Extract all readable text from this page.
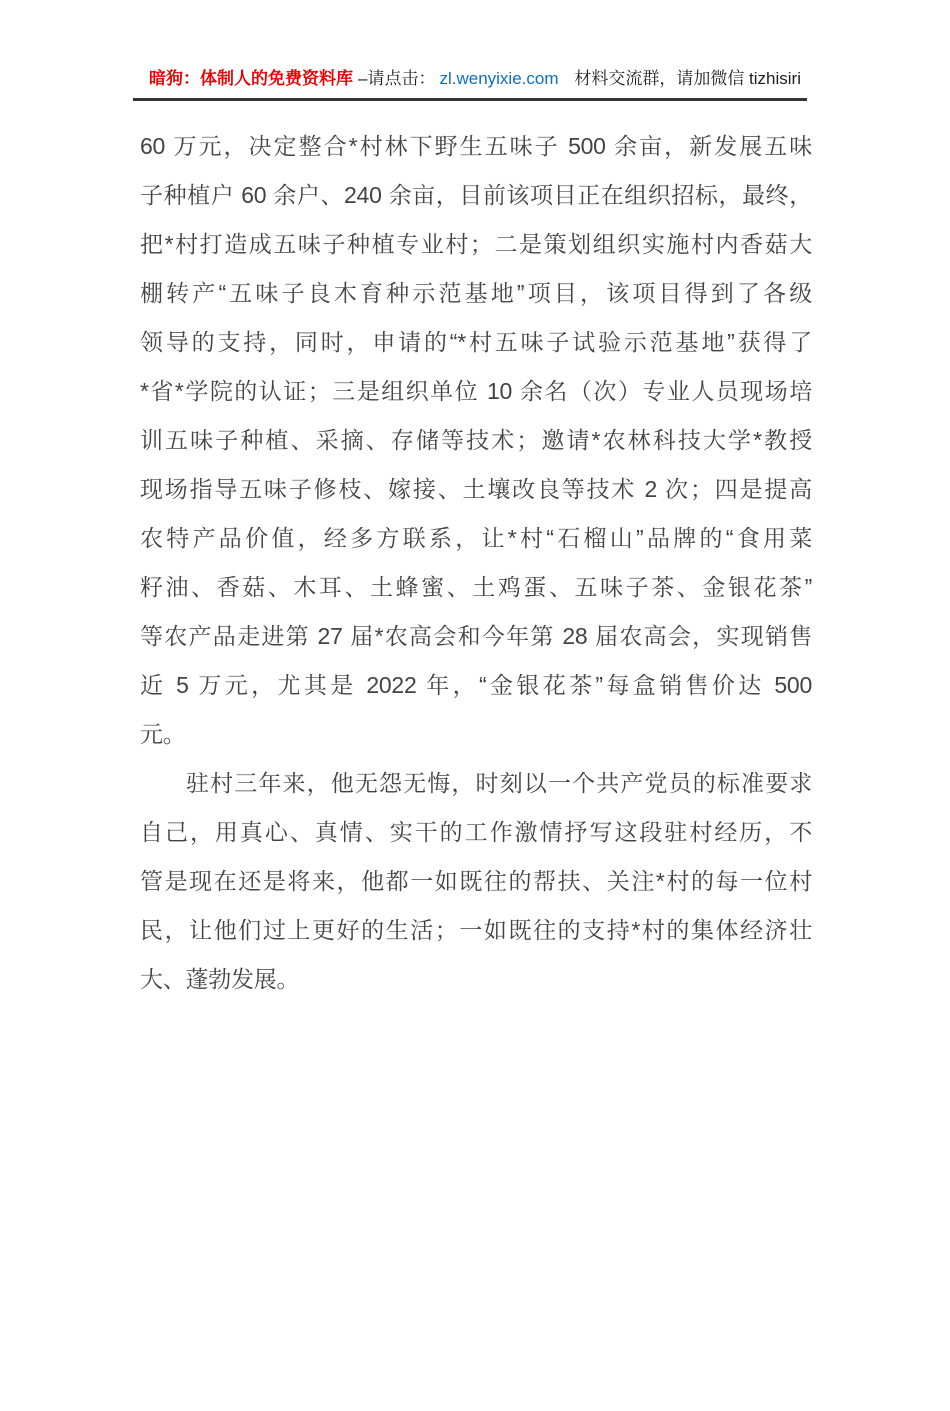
暗狗：体制人的免费资料库 –请点击： zl.wenyixie.com 材料交流群，请加微信 tizhisiri
60 万元，决定整合*村林下野生五味子 500 余亩，新发展五味
子种植户 60 余户、240 余亩，目前该项目正在组织招标，最终，
把*村打造成五味子种植专业村；二是策划组织实施村内香菇大
棚转产“五味子良木育种示范基地”项目，该项目得到了各级
领导的支持，同时，申请的“*村五味子试验示范基地”获得了
*省*学院的认证；三是组织单位 10 余名（次）专业人员现场培
训五味子种植、采摘、存储等技术；邀请*农林科技大学*教授
现场指导五味子修枝、嫁接、土壤改良等技术 2 次；四是提高
农特产品价值，经多方联系，让*村“石榴山”品牌的“食用菜
籽油、香菇、木耳、土蜂蜜、土鸡蛋、五味子茶、金银花茶”
等农产品走进第 27 届*农高会和今年第 28 届农高会，实现销售
近 5 万元，尤其是 2022 年，“金银花茶”每盒销售价达 500
元。
驻村三年来，他无怨无悔，时刻以一个共产党员的标准要求
自己，用真心、真情、实干的工作激情抒写这段驻村经历，不
管是现在还是将来，他都一如既往的帮扶、关注*村的每一位村
民，让他们过上更好的生活；一如既往的支持*村的集体经济壮
大、蓬勃发展。
